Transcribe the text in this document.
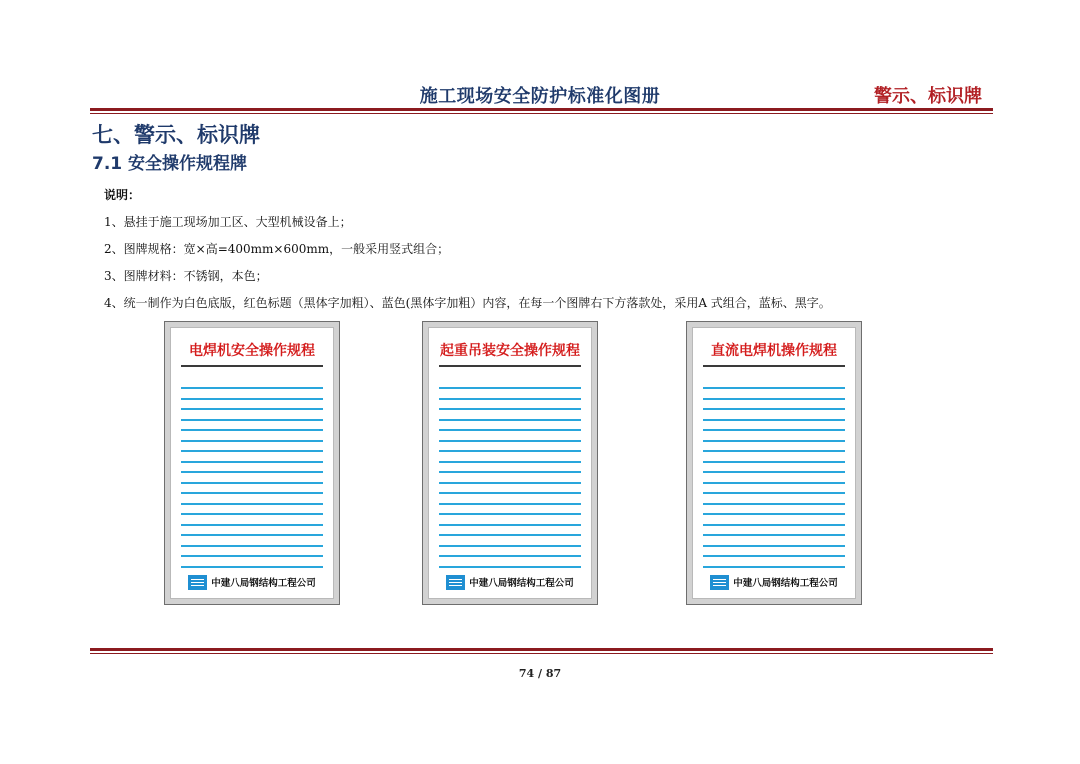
施工现场安全防护标准化图册	警示、标识牌
七、警示、标识牌
7.1 安全操作规程牌
说明：
1、悬挂于施工现场加工区、大型机械设备上；
2、图牌规格：宽×高=400mm×600mm，一般采用竖式组合；
3、图牌材料：不锈钢，本色；
4、统一制作为白色底版，红色标题（黑体字加粗）、蓝色(黑体字加粗）内容，在每一个图牌右下方落款处，采用A 式组合，蓝标、黑字。
电焊机安全操作规程
中建八局钢结构工程公司
起重吊装安全操作规程
中建八局钢结构工程公司
直流电焊机操作规程
中建八局钢结构工程公司
74 / 87
